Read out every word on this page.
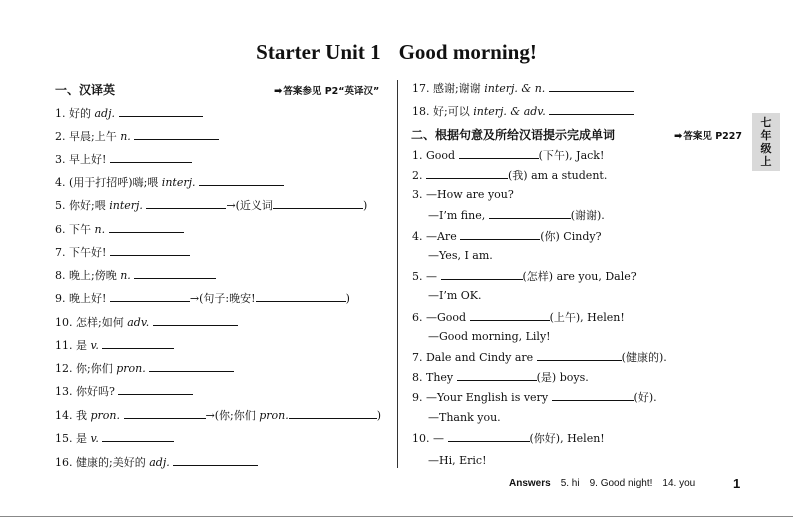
Starter Unit 1 Good morning!
一、汉译英	➡答案参见 P2“英译汉”
1. 好的 adj.
2. 早晨;上午 n.
3. 早上好!
4. (用于打招呼)嗨;喂 interj.
5. 你好;喂 interj.	→(近义词	)
6. 下午 n.
7. 下午好!
8. 晚上;傍晚 n.
9. 晚上好!	→(句子:晚安!	)
10. 怎样;如何 adv.
11. 是 v.
12. 你;你们 pron.
13. 你好吗?
14. 我 pron.	→(你;你们 pron.	)
15. 是 v.
16. 健康的;美好的 adj.
17. 感谢;谢谢 interj. & n.
18. 好;可以 interj. & adv.
二、根据句意及所给汉语提示完成单词	➡答案见 P227
1. Good	(下午), Jack!
2.	(我) am a student.
3. —How are you?
—I’m fine,	(谢谢).
4. —Are	(你) Cindy?
—Yes, I am.
5. —	(怎样) are you, Dale?
—I’m OK.
6. —Good	(上午), Helen!
—Good morning, Lily!
7. Dale and Cindy are	(健康的).
8. They	(是) boys.
9. —Your English is very	(好).
—Thank you.
10. —	(你好), Helen!
—Hi, Eric!
七年级上
Answers 5. hi 9. Good night! 14. you	1
